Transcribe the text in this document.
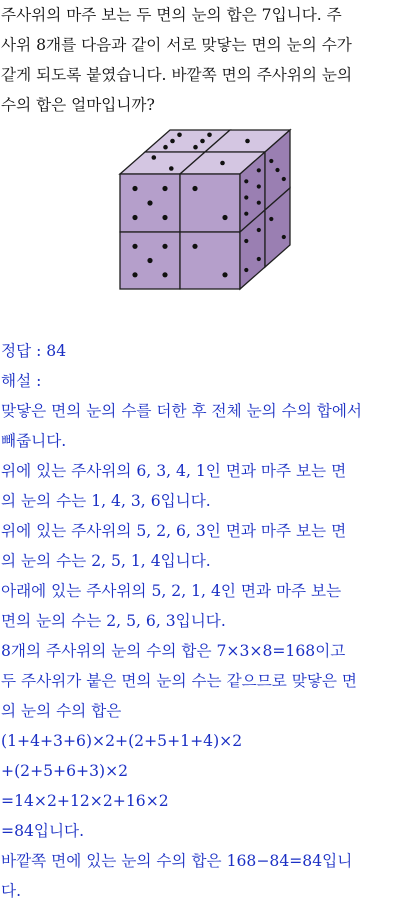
주사위의 마주 보는 두 면의 눈의 합은 7입니다. 주
사위 8개를 다음과 같이 서로 맞닿는 면의 눈의 수가
같게 되도록 붙였습니다. 바깥쪽 면의 주사위의 눈의
수의 합은 얼마입니까?
정답 : 84
해설 :
맞닿은 면의 눈의 수를 더한 후 전체 눈의 수의 합에서
빼줍니다.
위에 있는 주사위의 6, 3, 4, 1인 면과 마주 보는 면
의 눈의 수는 1, 4, 3, 6입니다.
위에 있는 주사위의 5, 2, 6, 3인 면과 마주 보는 면
의 눈의 수는 2, 5, 1, 4입니다.
아래에 있는 주사위의 5, 2, 1, 4인 면과 마주 보는
면의 눈의 수는 2, 5, 6, 3입니다.
8개의 주사위의 눈의 수의 합은 7×3×8=168이고
두 주사위가 붙은 면의 눈의 수는 같으므로 맞닿은 면
의 눈의 수의 합은
(1+4+3+6)×2+(2+5+1+4)×2
+(2+5+6+3)×2
=14×2+12×2+16×2
=84입니다.
바깥쪽 면에 있는 눈의 수의 합은 168−84=84입니
다.
